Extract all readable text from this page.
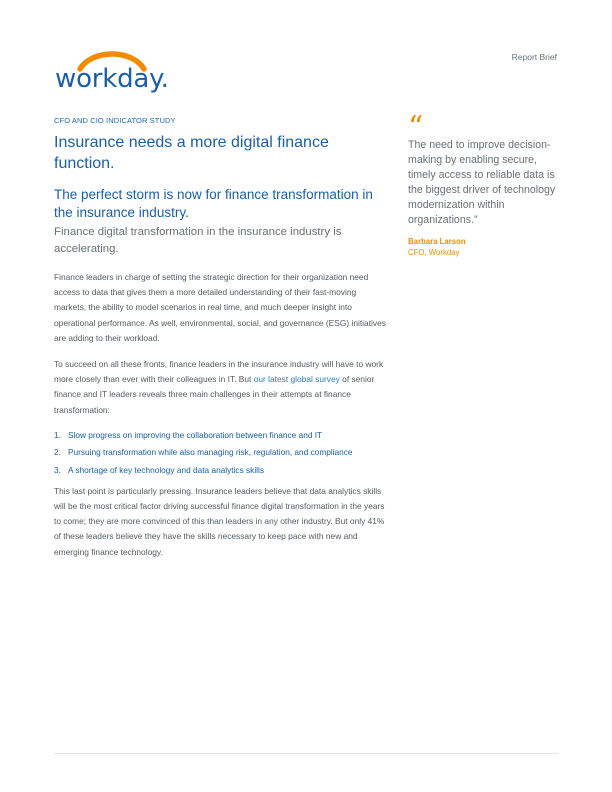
workday.
Report Brief
CFO AND CIO INDICATOR STUDY
Insurance needs a more digital finance function.
The perfect storm is now for finance transformation in the insurance industry.

Finance digital transformation in the insurance industry is accelerating.

Finance leaders in charge of setting the strategic direction for their organization need access to data that gives them a more detailed understanding of their fast-moving markets, the ability to model scenarios in real time, and much deeper insight into operational performance. As well, environmental, social, and governance (ESG) initiatives are adding to their workload.

To succeed on all these fronts, finance leaders in the insurance industry will have to work more closely than ever with their colleagues in IT. But our latest global survey of senior finance and IT leaders reveals three main challenges in their attempts at finance transformation:

1. Slow progress on improving the collaboration between finance and IT
2. Pursuing transformation while also managing risk, regulation, and compliance
3. A shortage of key technology and data analytics skills

This last point is particularly pressing. Insurance leaders believe that data analytics skills will be the most critical factor driving successful finance digital transformation in the years to come; they are more convinced of this than leaders in any other industry. But only 41% of these leaders believe they have the skills necessary to keep pace with new and emerging finance technology.

“

The need to improve decision-making by enabling secure, timely access to reliable data is the biggest driver of technology modernization within organizations.”

Barbara Larson
CFO, Workday
